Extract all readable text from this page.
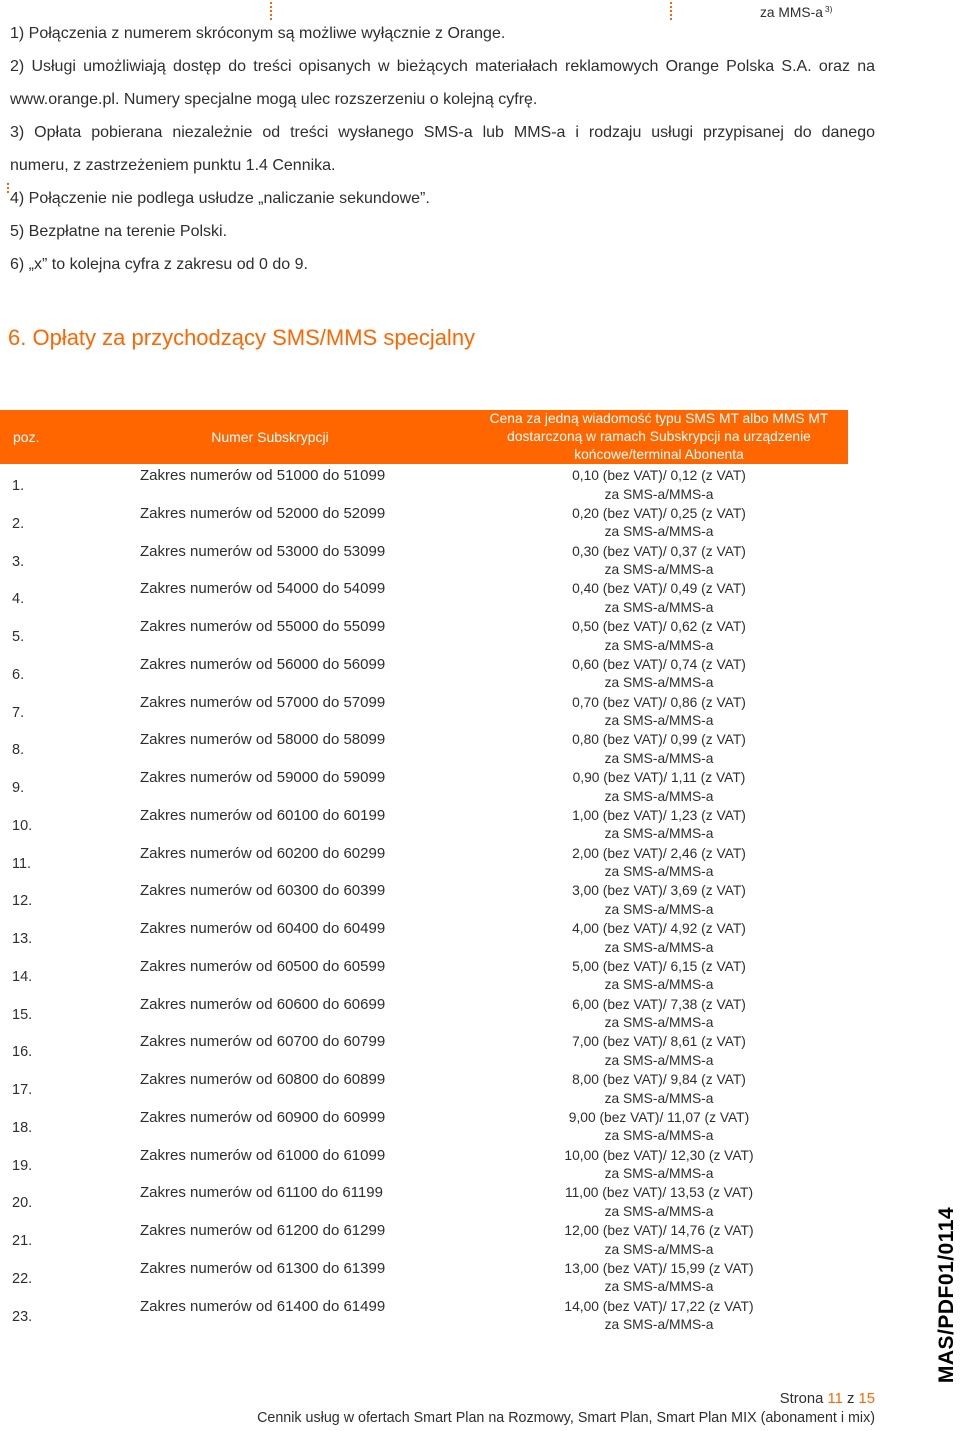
za MMS-a $^{3)}$
1) Połączenia z numerem skróconym są możliwe wyłącznie z Orange.
2) Usługi umożliwiają dostęp do treści opisanych w bieżących materiałach reklamowych Orange Polska S.A. oraz na
www.orange.pl. Numery specjalne mogą ulec rozszerzeniu o kolejną cyfrę.
3) Opłata pobierana niezależnie od treści wysłanego SMS-a lub MMS-a i rodzaju usługi przypisanej do danego
numeru, z zastrzeżeniem punktu 1.4 Cennika.
4) Połączenie nie podlega usłudze „naliczanie sekundowe”.
5) Bezpłatne na terenie Polski.
6) „x” to kolejna cyfra z zakresu od 0 do 9.
6. Opłaty za przychodzący SMS/MMS specjalny
poz.	Numer Subskrypcji
Cena za jedną wiadomość typu SMS MT albo MMS MT
dostarczoną w ramach Subskrypcji na urządzenie
końcowe/terminal Abonenta
1.
Zakres numerów od 51000 do 51099	0,10 (bez VAT)/ 0,12 (z VAT)
za SMS-a/MMS-a
2.
Zakres numerów od 52000 do 52099	0,20 (bez VAT)/ 0,25 (z VAT)
za SMS-a/MMS-a
3.
Zakres numerów od 53000 do 53099	0,30 (bez VAT)/ 0,37 (z VAT)
za SMS-a/MMS-a
4.
Zakres numerów od 54000 do 54099	0,40 (bez VAT)/ 0,49 (z VAT)
za SMS-a/MMS-a
5.
Zakres numerów od 55000 do 55099	0,50 (bez VAT)/ 0,62 (z VAT)
za SMS-a/MMS-a
6.
Zakres numerów od 56000 do 56099	0,60 (bez VAT)/ 0,74 (z VAT)
za SMS-a/MMS-a
7.
Zakres numerów od 57000 do 57099	0,70 (bez VAT)/ 0,86 (z VAT)
za SMS-a/MMS-a
8.
Zakres numerów od 58000 do 58099	0,80 (bez VAT)/ 0,99 (z VAT)
za SMS-a/MMS-a
9.
Zakres numerów od 59000 do 59099	0,90 (bez VAT)/ 1,11 (z VAT)
za SMS-a/MMS-a
10.
Zakres numerów od 60100 do 60199	1,00 (bez VAT)/ 1,23 (z VAT)
za SMS-a/MMS-a
11.
Zakres numerów od 60200 do 60299	2,00 (bez VAT)/ 2,46 (z VAT)
za SMS-a/MMS-a
12.
Zakres numerów od 60300 do 60399	3,00 (bez VAT)/ 3,69 (z VAT)
za SMS-a/MMS-a
13.
Zakres numerów od 60400 do 60499	4,00 (bez VAT)/ 4,92 (z VAT)
za SMS-a/MMS-a
14.
Zakres numerów od 60500 do 60599	5,00 (bez VAT)/ 6,15 (z VAT)
za SMS-a/MMS-a
15.
Zakres numerów od 60600 do 60699	6,00 (bez VAT)/ 7,38 (z VAT)
za SMS-a/MMS-a
16.
Zakres numerów od 60700 do 60799	7,00 (bez VAT)/ 8,61 (z VAT)
za SMS-a/MMS-a
17.
Zakres numerów od 60800 do 60899	8,00 (bez VAT)/ 9,84 (z VAT)
za SMS-a/MMS-a
18.
Zakres numerów od 60900 do 60999	9,00 (bez VAT)/ 11,07 (z VAT)
za SMS-a/MMS-a
19.
Zakres numerów od 61000 do 61099	10,00 (bez VAT)/ 12,30 (z VAT)
za SMS-a/MMS-a
20.
Zakres numerów od 61100 do 61199	11,00 (bez VAT)/ 13,53 (z VAT)
za SMS-a/MMS-a
21.
Zakres numerów od 61200 do 61299	12,00 (bez VAT)/ 14,76 (z VAT)
za SMS-a/MMS-a
22.
Zakres numerów od 61300 do 61399	13,00 (bez VAT)/ 15,99 (z VAT)
za SMS-a/MMS-a
23.
Zakres numerów od 61400 do 61499	14,00 (bez VAT)/ 17,22 (z VAT)
za SMS-a/MMS-a	MAS/PDF01/0114
Strona 11 z 15
Cennik usług w ofertach Smart Plan na Rozmowy, Smart Plan, Smart Plan MIX (abonament i mix)
